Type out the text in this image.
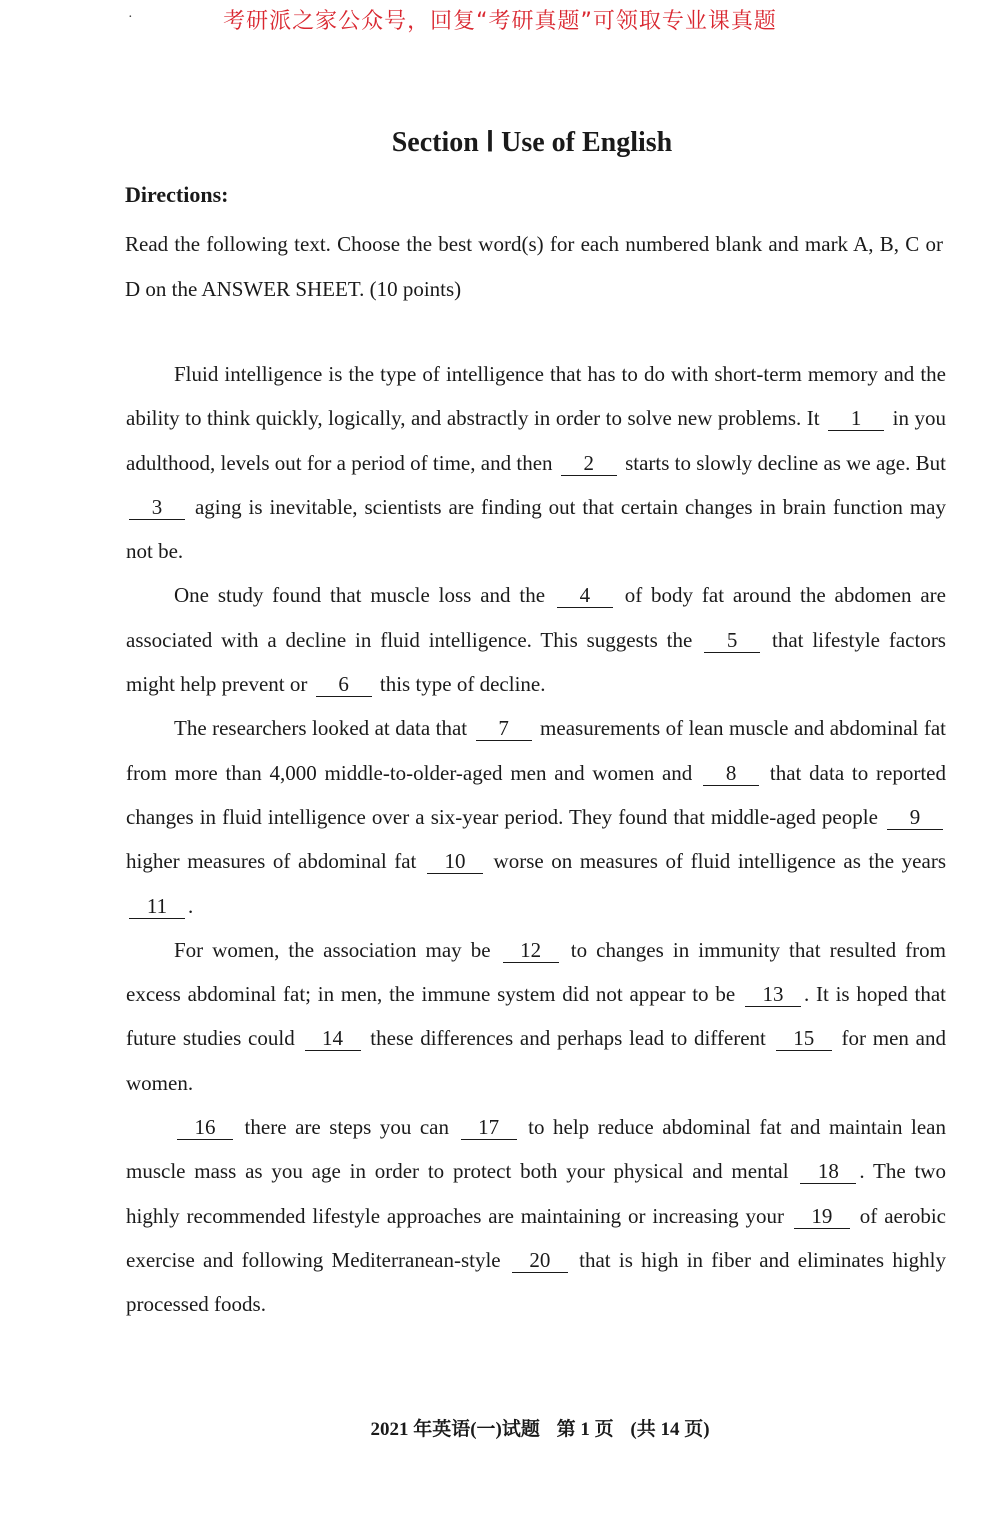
考研派之家公众号，回复“考研真题”可领取专业课真题
·
Section Ⅰ Use of English
Directions:
Read the following text. Choose the best word(s) for each numbered blank and mark A, B, C or D on the ANSWER SHEET. (10 points)

Fluid intelligence is the type of intelligence that has to do with short-term memory and the ability to think quickly, logically, and abstractly in order to solve new problems. It 1 in you adulthood, levels out for a period of time, and then 2 starts to slowly decline as we age. But 3 aging is inevitable, scientists are finding out that certain changes in brain function may not be.

One study found that muscle loss and the 4 of body fat around the abdomen are associated with a decline in fluid intelligence. This suggests the 5 that lifestyle factors might help prevent or 6 this type of decline.

The researchers looked at data that 7 measurements of lean muscle and abdominal fat from more than 4,000 middle-to-older-aged men and women and 8 that data to reported changes in fluid intelligence over a six-year period. They found that middle-aged people 9 higher measures of abdominal fat 10 worse on measures of fluid intelligence as the years 11 .

For women, the association may be 12 to changes in immunity that resulted from excess abdominal fat; in men, the immune system did not appear to be 13 . It is hoped that future studies could 14 these differences and perhaps lead to different 15 for men and women.

16 there are steps you can 17 to help reduce abdominal fat and maintain lean muscle mass as you age in order to protect both your physical and mental 18 . The two highly recommended lifestyle approaches are maintaining or increasing your 19 of aerobic exercise and following Mediterranean-style 20 that is high in fiber and eliminates highly processed foods.

2021 年英语(一)试题 第 1 页 (共 14 页)
